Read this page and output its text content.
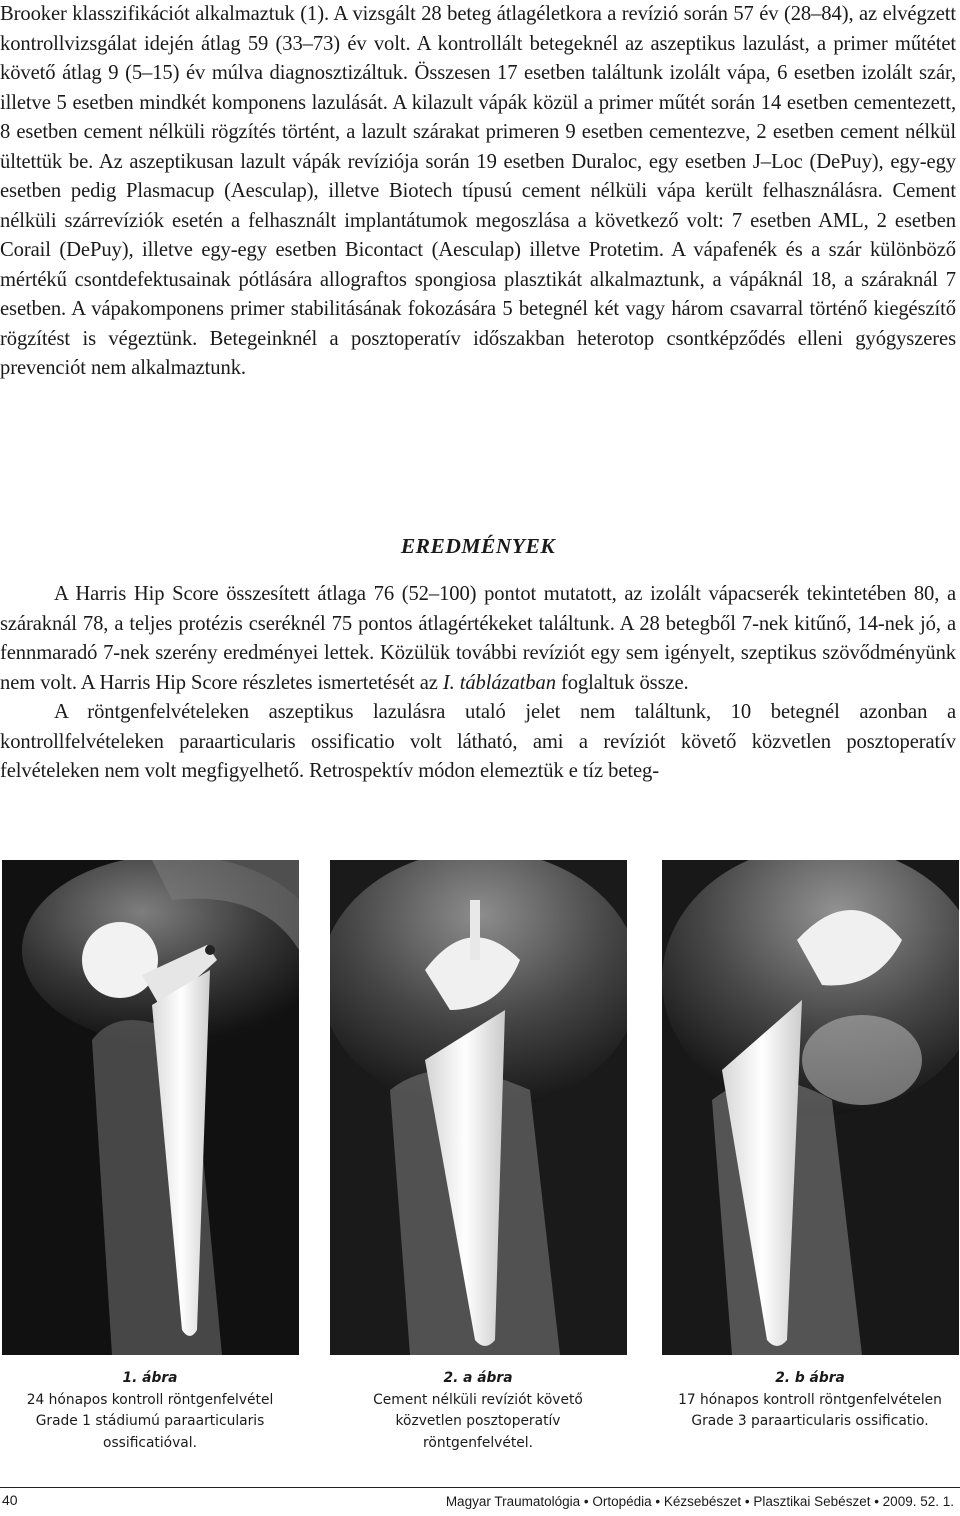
Brooker klasszifikációt alkalmaztuk (1). A vizsgált 28 beteg átlagéletkora a revízió során 57 év (28–84), az elvégzett kontrollvizsgálat idején átlag 59 (33–73) év volt. A kontrollált betegeknél az aszeptikus lazulást, a primer műtétet követő átlag 9 (5–15) év múlva diagnosztizáltuk. Összesen 17 esetben találtunk izolált vápa, 6 esetben izolált szár, illetve 5 esetben mindkét komponens lazulását. A kilazult vápák közül a primer műtét során 14 esetben cementezett, 8 esetben cement nélküli rögzítés történt, a lazult szárakat primeren 9 esetben cementezve, 2 esetben cement nélkül ültettük be. Az aszeptikusan lazult vápák revíziója során 19 esetben Duraloc, egy esetben J–Loc (DePuy), egy-egy esetben pedig Plasmacup (Aesculap), illetve Biotech típusú cement nélküli vápa került felhasználásra. Cement nélküli szárrevíziók esetén a felhasznált implantátumok megoszlása a következő volt: 7 esetben AML, 2 esetben Corail (DePuy), illetve egy-egy esetben Bicontact (Aesculap) illetve Protetim. A vápafenék és a szár különböző mértékű csontdefektusainak pótlására allograftos spongiosa plasztikát alkalmaztunk, a vápáknál 18, a száraknál 7 esetben. A vápakomponens primer stabilitásának fokozására 5 betegnél két vagy három csavarral történő kiegészítő rögzítést is végeztünk. Betegeinknél a posztoperatív időszakban heterotop csontképződés elleni gyógyszeres prevenciót nem alkalmaztunk.

EREDMÉNYEK

A Harris Hip Score összesített átlaga 76 (52–100) pontot mutatott, az izolált vápacserék tekintetében 80, a száraknál 78, a teljes protézis cseréknél 75 pontos átlagértékeket találtunk. A 28 betegből 7-nek kitűnő, 14-nek jó, a fennmaradó 7-nek szerény eredményei lettek. Közülük további revíziót egy sem igényelt, szeptikus szövődményünk nem volt. A Harris Hip Score részletes ismertetését az I. táblázatban foglaltuk össze.

A röntgenfelvételeken aszeptikus lazulásra utaló jelet nem találtunk, 10 betegnél azonban a kontrollfelvételeken paraarticularis ossificatio volt látható, ami a revíziót követő közvetlen posztoperatív felvételeken nem volt megfigyelhető. Retrospektív módon elemeztük e tíz beteg-

1. ábra
24 hónapos kontroll röntgenfelvétel
Grade 1 stádiumú paraarticularis
ossificatióval.
2. a ábra
Cement nélküli revíziót követő
közvetlen posztoperatív
röntgenfelvétel.
2. b ábra
17 hónapos kontroll röntgenfelvételen
Grade 3 paraarticularis ossificatio.
40	Magyar Traumatológia • Ortopédia • Kézsebészet • Plasztikai Sebészet • 2009. 52. 1.
